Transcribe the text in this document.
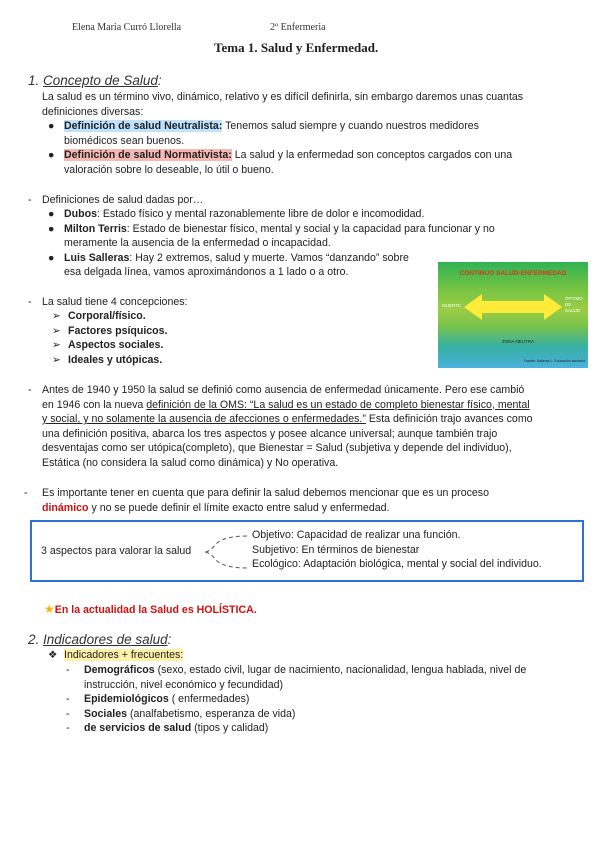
Elena Maria Curró Llorella	2º Enfermeria
Tema 1. Salud y Enfermedad.
1. Concepto de Salud:
La salud es un término vivo, dinámico, relativo y es difícil definirla, sin embargo daremos unas cuantas
definiciones diversas:
● Definición de salud Neutralista: Tenemos salud siempre y cuando nuestros medidores
biomédicos sean buenos.
● Definición de salud Normativista: La salud y la enfermedad son conceptos cargados con una
valoración sobre lo deseable, lo útil o bueno.
- Definiciones de salud dadas por…
● Dubos: Estado físico y mental razonablemente libre de dolor e incomodidad.
● Milton Terris: Estado de bienestar físico, mental y social y la capacidad para funcionar y no
meramente la ausencia de la enfermedad o incapacidad.
● Luis Salleras: Hay 2 extremos, salud y muerte. Vamos “danzando” sobre
esa delgada línea, vamos aproximándonos a 1 lado o a otro.	CONTINUO SALUD-ENFERMEDAD
MUERTE
ÓPTIMO DE SALUD
ZONA NEUTRA
Fuente: Salleras L. Educación sanitaria
- La salud tiene 4 concepciones:
➢ Corporal/físico.
➢ Factores psíquicos.
➢ Aspectos sociales.
➢ Ideales y utópicas.
- Antes de 1940 y 1950 la salud se definió como ausencia de enfermedad únicamente. Pero ese cambió
en 1946 con la nueva definición de la OMS: “La salud es un estado de completo bienestar físico, mental
y social, y no solamente la ausencia de afecciones o enfermedades.” Esta definición trajo avances como
una definición positiva, abarca los tres aspectos y posee alcance universal; aunque también trajo
desventajas como ser utópica(completo), que Bienestar = Salud (subjetiva y depende del individuo),
Estática (no considera la salud como dinámica) y No operativa.
-	Es importante tener en cuenta que para definir la salud debemos mencionar que es un proceso
dinámico y no se puede definir el límite exacto entre salud y enfermedad.
3 aspectos para valorar la salud
Objetivo: Capacidad de realizar una función.
Subjetivo: En términos de bienestar
Ecológico: Adaptación biológica, mental y social del individuo.
★En la actualidad la Salud es HOLÍSTICA.
2. Indicadores de salud:
❖ Indicadores + frecuentes:
-	Demográficos (sexo, estado civil, lugar de nacimiento, nacionalidad, lengua hablada, nivel de
instrucción, nivel económico y fecundidad)
-	Epidemiológicos ( enfermedades)
-	Sociales (analfabetismo, esperanza de vida)
-	de servicios de salud (tipos y calidad)
